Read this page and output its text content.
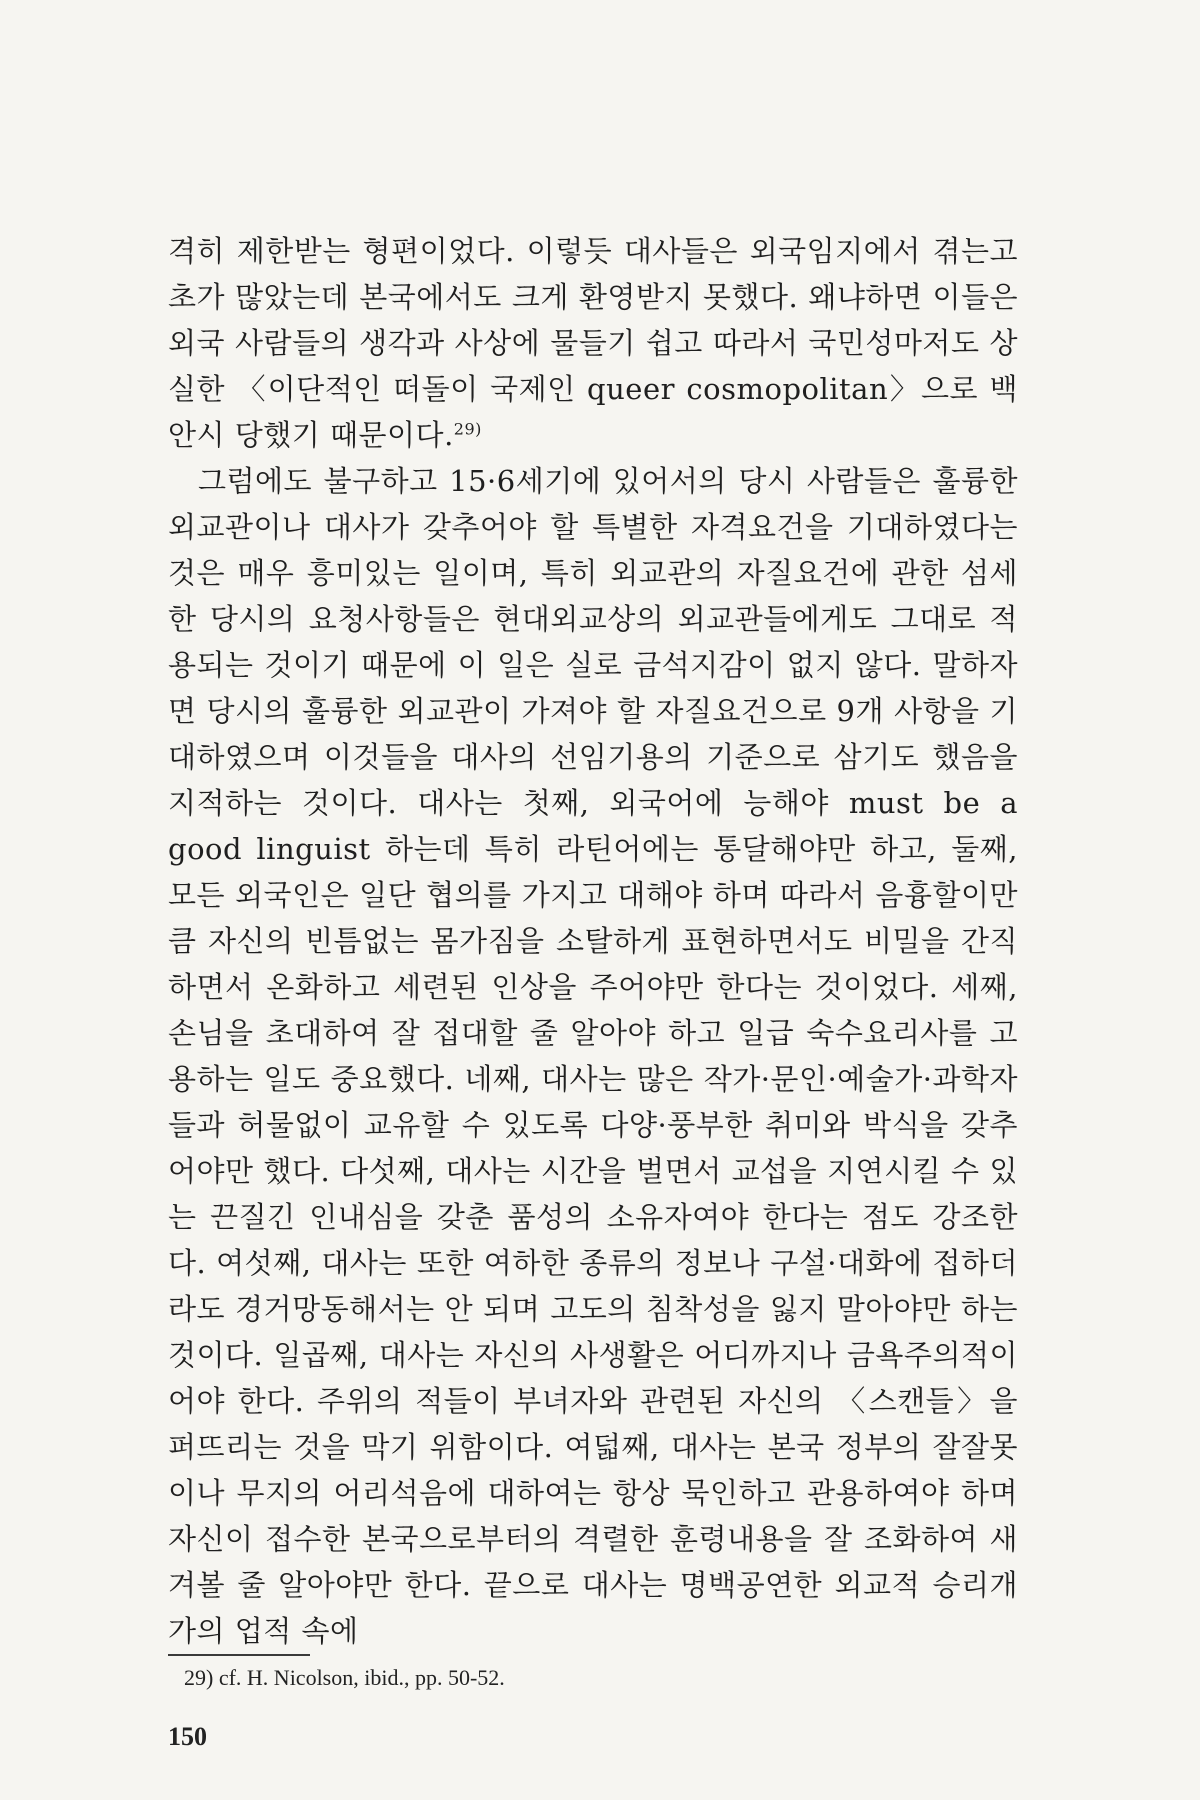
격히 제한받는 형편이었다. 이렇듯 대사들은 외국임지에서 겪는고 초가 많았는데 본국에서도 크게 환영받지 못했다. 왜냐하면 이들은 외국 사람들의 생각과 사상에 물들기 쉽고 따라서 국민성마저도 상실한 〈이단적인 떠돌이 국제인 queer cosmopolitan〉으로 백안시 당했기 때문이다.$^{29)}$

그럼에도 불구하고 15·6세기에 있어서의 당시 사람들은 훌륭한 외교관이나 대사가 갖추어야 할 특별한 자격요건을 기대하였다는 것은 매우 흥미있는 일이며, 특히 외교관의 자질요건에 관한 섬세한 당시의 요청사항들은 현대외교상의 외교관들에게도 그대로 적용되는 것이기 때문에 이 일은 실로 금석지감이 없지 않다. 말하자면 당시의 훌륭한 외교관이 가져야 할 자질요건으로 9개 사항을 기대하였으며 이것들을 대사의 선임기용의 기준으로 삼기도 했음을 지적하는 것이다. 대사는 첫째, 외국어에 능해야 must be a good linguist 하는데 특히 라틴어에는 통달해야만 하고, 둘째, 모든 외국인은 일단 협의를 가지고 대해야 하며 따라서 음흉할이만큼 자신의 빈틈없는 몸가짐을 소탈하게 표현하면서도 비밀을 간직하면서 온화하고 세련된 인상을 주어야만 한다는 것이었다. 세째, 손님을 초대하여 잘 접대할 줄 알아야 하고 일급 숙수요리사를 고용하는 일도 중요했다. 네째, 대사는 많은 작가·문인·예술가·과학자들과 허물없이 교유할 수 있도록 다양·풍부한 취미와 박식을 갖추어야만 했다. 다섯째, 대사는 시간을 벌면서 교섭을 지연시킬 수 있는 끈질긴 인내심을 갖춘 품성의 소유자여야 한다는 점도 강조한다. 여섯째, 대사는 또한 여하한 종류의 정보나 구설·대화에 접하더라도 경거망동해서는 안 되며 고도의 침착성을 잃지 말아야만 하는 것이다. 일곱째, 대사는 자신의 사생활은 어디까지나 금욕주의적이어야 한다. 주위의 적들이 부녀자와 관련된 자신의 〈스캔들〉을 퍼뜨리는 것을 막기 위함이다. 여덟째, 대사는 본국 정부의 잘잘못이나 무지의 어리석음에 대하여는 항상 묵인하고 관용하여야 하며 자신이 접수한 본국으로부터의 격렬한 훈령내용을 잘 조화하여 새겨볼 줄 알아야만 한다. 끝으로 대사는 명백공연한 외교적 승리개가의 업적 속에

29) cf. H. Nicolson, ibid., pp. 50-52.
150
